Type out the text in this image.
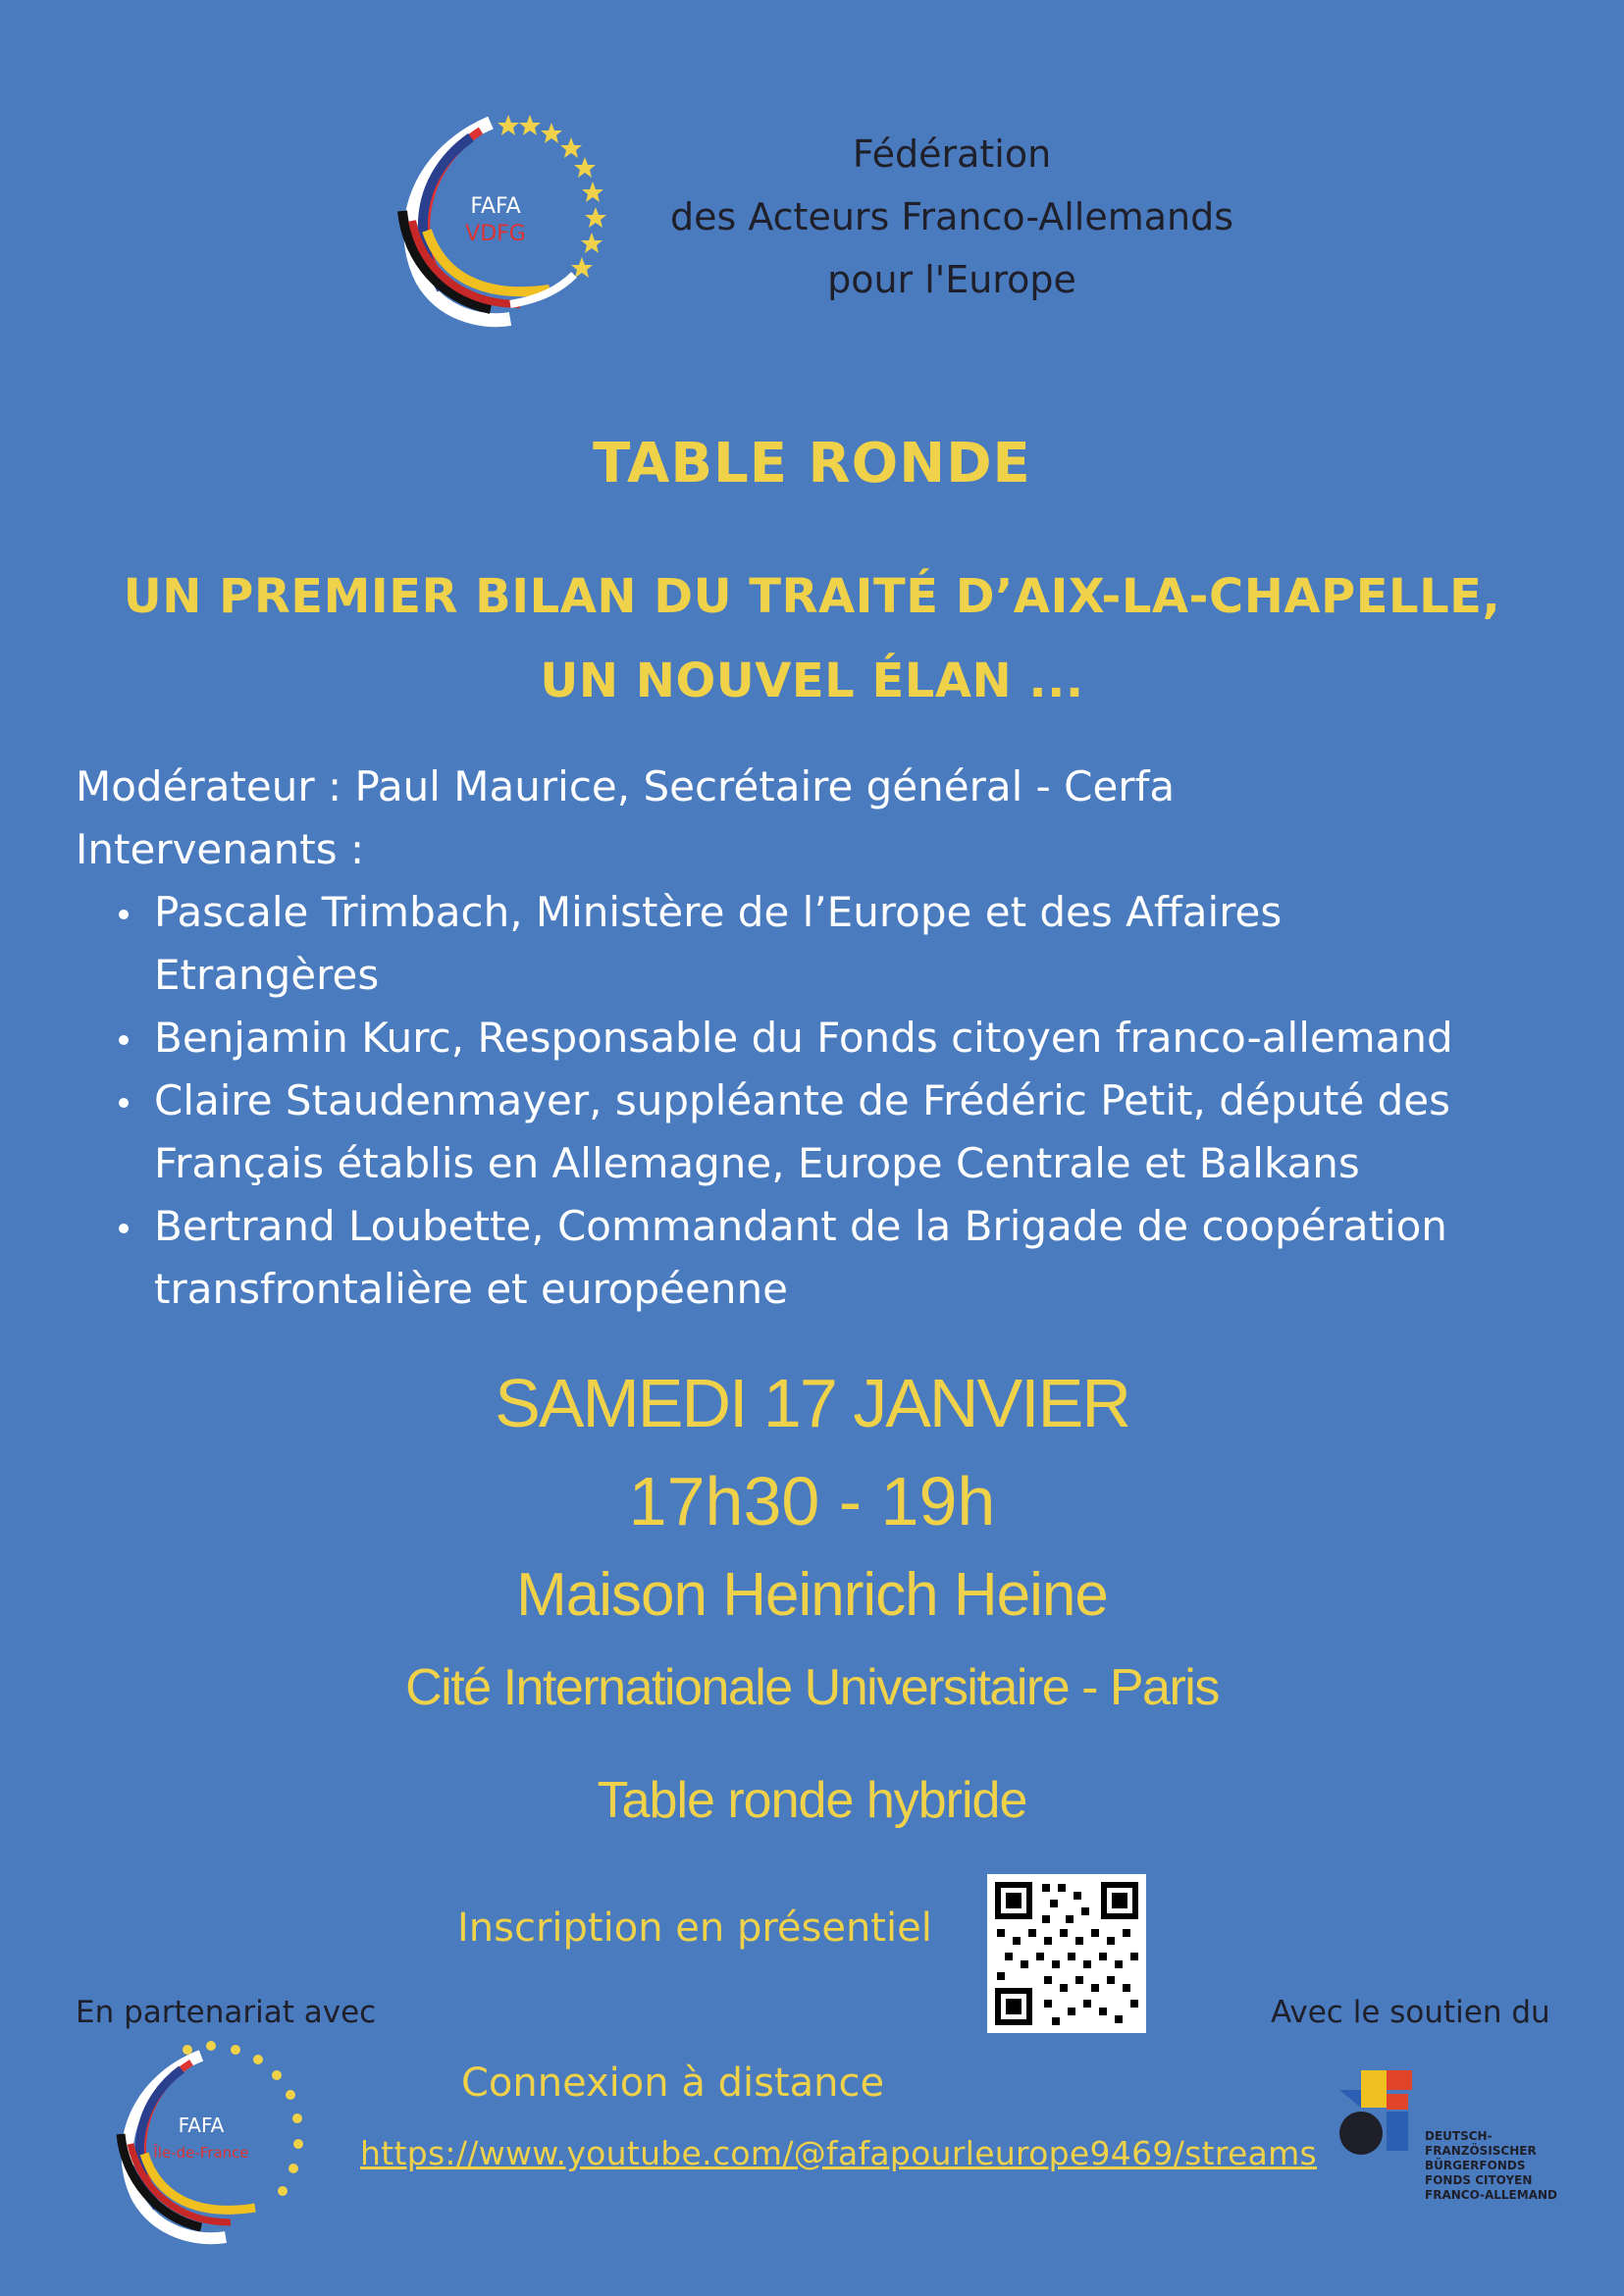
FAFA
VDFG
Fédération
des Acteurs Franco-Allemands
pour l'Europe
TABLE RONDE
UN PREMIER BILAN DU TRAITÉ D’AIX-LA-CHAPELLE,
UN NOUVEL ÉLAN ...
Modérateur : Paul Maurice, Secrétaire général - Cerfa
Intervenants :
Pascale Trimbach, Ministère de l’Europe et des Affaires
Etrangères
Benjamin Kurc, Responsable du Fonds citoyen franco-allemand
Claire Staudenmayer, suppléante de Frédéric Petit, député des
Français établis en Allemagne, Europe Centrale et Balkans
Bertrand Loubette, Commandant de la Brigade de coopération
transfrontalière et européenne
SAMEDI 17 JANVIER
17h30 - 19h
Maison Heinrich Heine
Cité Internationale Universitaire - Paris
Table ronde hybride
Inscription en présentiel
Connexion à distance
https://www.youtube.com/@fafapourleurope9469/streams
En partenariat avec
FAFA
Île-de-France
Avec le soutien du
DEUTSCH-
FRANZÖSISCHER
BÜRGERFONDS
FONDS CITOYEN
FRANCO-ALLEMAND
